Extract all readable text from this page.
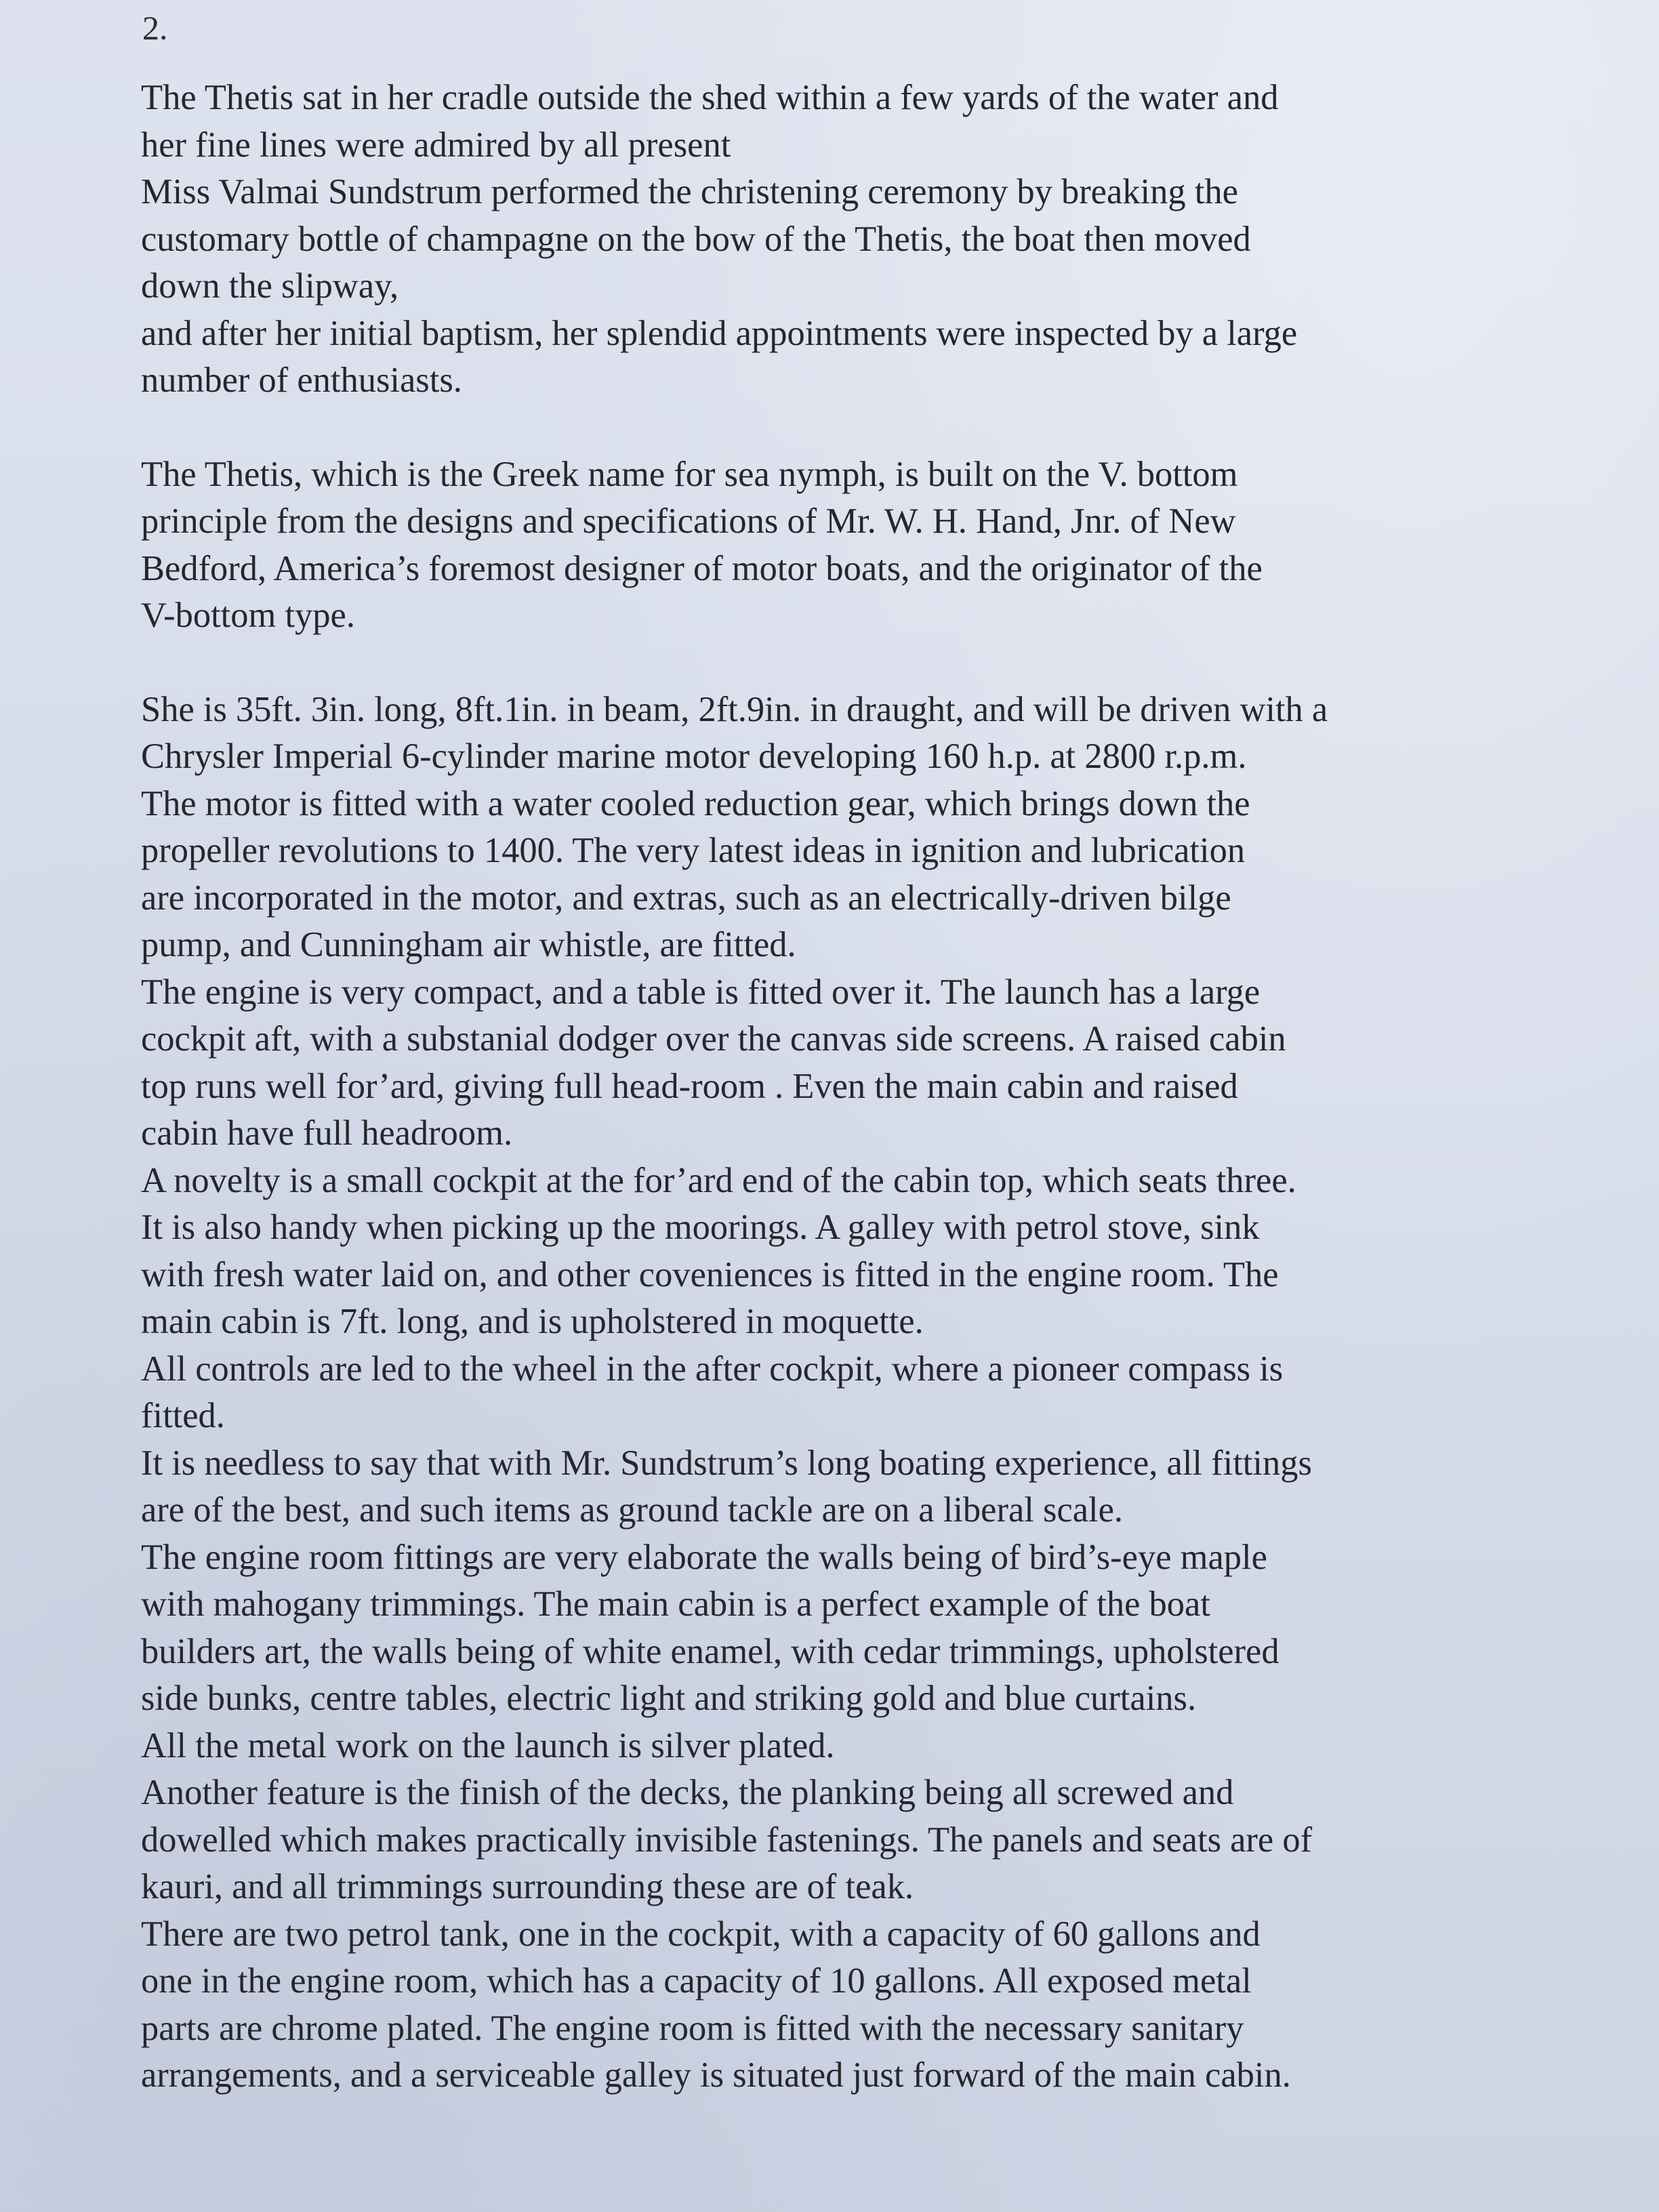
2.
The Thetis sat in her cradle outside the shed within a few yards of the water and
her fine lines were admired by all present
Miss Valmai Sundstrum performed the christening ceremony by breaking the
customary bottle of champagne on the bow of the Thetis, the boat then moved
down the slipway,
and after her initial baptism, her splendid appointments were inspected by a large
number of enthusiasts.
The Thetis, which is the Greek name for sea nymph, is built on the V. bottom
principle from the designs and specifications of Mr. W. H. Hand, Jnr. of New
Bedford, America’s foremost designer of motor boats, and the originator of the
V-bottom type.
She is 35ft. 3in. long, 8ft.1in. in beam, 2ft.9in. in draught, and will be driven with a
Chrysler Imperial 6-cylinder marine motor developing 160 h.p. at 2800 r.p.m.
The motor is fitted with a water cooled reduction gear, which brings down the
propeller revolutions to 1400. The very latest ideas in ignition and lubrication
are incorporated in the motor, and extras, such as an electrically-driven bilge
pump, and Cunningham air whistle, are fitted.
The engine is very compact, and a table is fitted over it. The launch has a large
cockpit aft, with a substanial dodger over the canvas side screens. A raised cabin
top runs well for’ard, giving full head-room . Even the main cabin and raised
cabin have full headroom.
A novelty is a small cockpit at the for’ard end of the cabin top, which seats three.
It is also handy when picking up the moorings. A galley with petrol stove, sink
with fresh water laid on, and other coveniences is fitted in the engine room. The
main cabin is 7ft. long, and is upholstered in moquette.
All controls are led to the wheel in the after cockpit, where a pioneer compass is
fitted.
It is needless to say that with Mr. Sundstrum’s long boating experience, all fittings
are of the best, and such items as ground tackle are on a liberal scale.
The engine room fittings are very elaborate the walls being of bird’s-eye maple
with mahogany trimmings. The main cabin is a perfect example of the boat
builders art, the walls being of white enamel, with cedar trimmings, upholstered
side bunks, centre tables, electric light and striking gold and blue curtains.
All the metal work on the launch is silver plated.
Another feature is the finish of the decks, the planking being all screwed and
dowelled which makes practically invisible fastenings. The panels and seats are of
kauri, and all trimmings surrounding these are of teak.
There are two petrol tank, one in the cockpit, with a capacity of 60 gallons and
one in the engine room, which has a capacity of 10 gallons. All exposed metal
parts are chrome plated. The engine room is fitted with the necessary sanitary
arrangements, and a serviceable galley is situated just forward of the main cabin.
